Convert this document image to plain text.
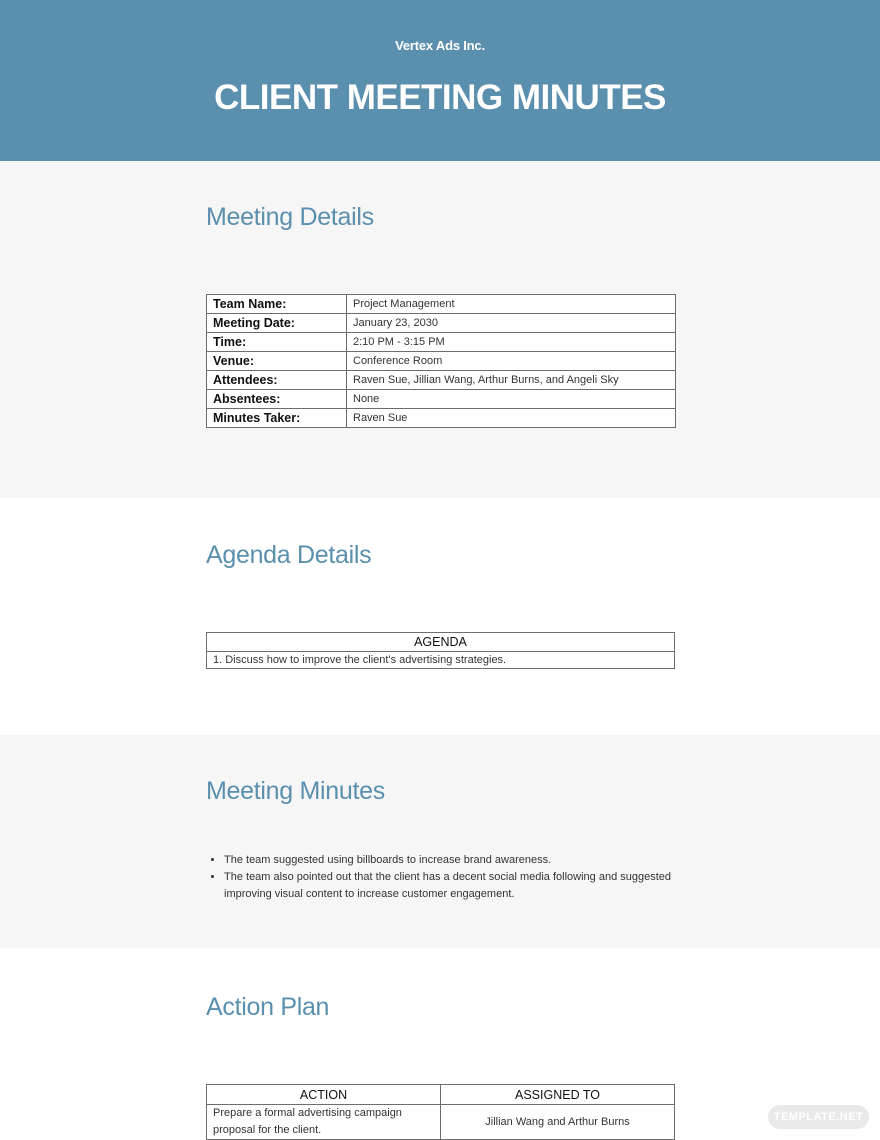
Vertex Ads Inc.
CLIENT MEETING MINUTES
Meeting Details
Team Name:	Project Management
Meeting Date:	January 23, 2030
Time:	2:10 PM - 3:15 PM
Venue:	Conference Room
Attendees:	Raven Sue, Jillian Wang, Arthur Burns, and Angeli Sky
Absentees:	None
Minutes Taker:	Raven Sue
Agenda Details
AGENDA
1. Discuss how to improve the client's advertising strategies.
Meeting Minutes
• The team suggested using billboards to increase brand awareness.
• The team also pointed out that the client has a decent social media following and suggested improving visual content to increase customer engagement.
Action Plan
ACTION	ASSIGNED TO
Prepare a formal advertising campaign proposal for the client.	Jillian Wang and Arthur Burns	TEMPLATE.NET
